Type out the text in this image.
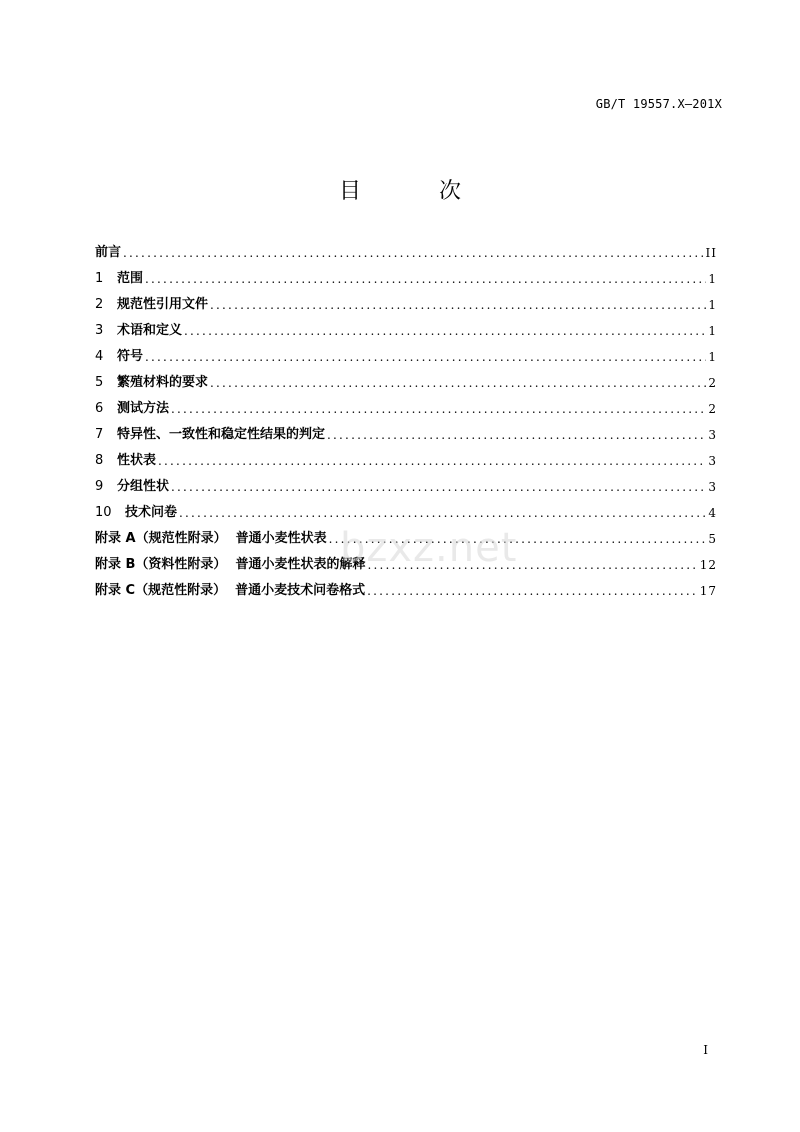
GB/T 19557.X—201X
目	次
前言 .....	II
1	范围 .....	1
2	规范性引用文件 .....	1
3	术语和定义 .....	1
4	符号 .....	1
5	繁殖材料的要求 .....	2
6	测试方法 .....	2
7	特异性、一致性和稳定性结果的判定 .....	3
8	性状表 .....	3
9	分组性状 .....	3
10	技术问卷 .....	4
附录 A（规范性附录）  普通小麦性状表 .....	5
附录 B（资料性附录）  普通小麦性状表的解释 .....	12
附录 C（规范性附录）  普通小麦技术问卷格式 .....	17
bzxz.net
I
